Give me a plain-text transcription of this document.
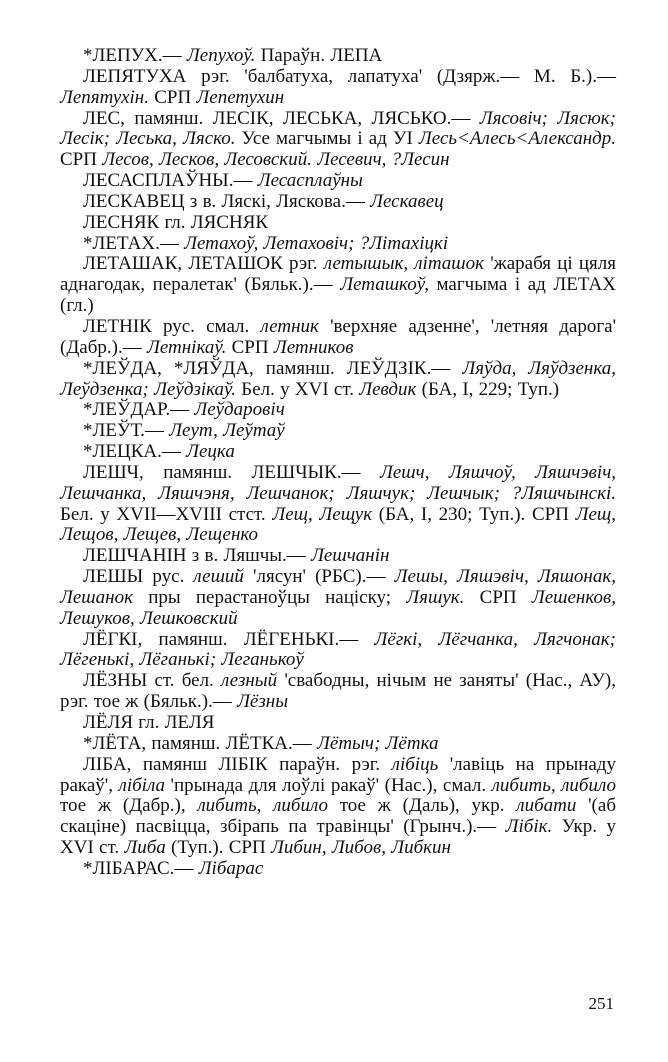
*ЛЕПУХ.— Лепухоў. Параўн. ЛЕПА

ЛЕПЯТУХА рэг. 'балбатуха, лапатуха' (Дзярж.— М. Б.).— Лепятухін. СРП Лепетухин

ЛЕС, памянш. ЛЕСІК, ЛЕСЬКА, ЛЯСЬКО.— Лясовіч; Лясюк; Лесік; Леська, Ляско. Усе магчымы і ад УІ Лесь<Алесь<Александр. СРП Лесов, Лесков, Лесовский. Лесевич, ?Лесин

ЛЕСАСПЛАЎНЫ.— Лесасплаўны

ЛЕСКАВЕЦ з в. Ляскі, Ляскова.— Лескавец

ЛЕСНЯК гл. ЛЯСНЯК

*ЛЕТАХ.— Летахоў, Летаховіч; ?Літахіцкі

ЛЕТАШАК, ЛЕТАШОК рэг. летышык, літашок 'жарабя ці цяля аднагодак, пералетак' (Бяльк.).— Леташкоў, магчыма і ад ЛЕТАХ (гл.)

ЛЕТНІК рус. смал. летник 'верхняе адзенне', 'летняя дарога' (Дабр.).— Летнікаў. СРП Летников

*ЛЕЎДА, *ЛЯЎДА, памянш. ЛЕЎДЗІК.— Ляўда, Ляўдзенка, Леўдзенка; Леўдзікаў. Бел. у XVI ст. Левдик (БА, I, 229; Туп.)

*ЛЕЎДАР.— Леўдаровіч

*ЛЕЎТ.— Леут, Леўтаў

*ЛЕЦКА.— Лецка

ЛЕШЧ, памянш. ЛЕШЧЫК.— Лешч, Ляшчоў, Ляшчэвіч, Лешчанка, Ляшчэня, Лешчанок; Ляшчук; Лешчык; ?Ляшчынскі. Бел. у XVII—XVIII стст. Лещ, Лещук (БА, I, 230; Туп.). СРП Лещ, Лещов, Лещев, Лещенко

ЛЕШЧАНІН з в. Ляшчы.— Лешчанін

ЛЕШЫ рус. леший 'лясун' (РБС).— Лешы, Ляшэвіч, Ляшонак, Лешанок пры перастаноўцы націску; Ляшук. СРП Лешенков, Лешуков, Лешковский

ЛЁГКІ, памянш. ЛЁГЕНЬКІ.— Лёгкі, Лёгчанка, Лягчонак; Лёгенькі, Лёганькі; Леганькоў

ЛЁЗНЫ ст. бел. лезный 'свабодны, нічым не заняты' (Нас., АУ), рэг. тое ж (Бяльк.).— Лёзны

ЛЁЛЯ гл. ЛЕЛЯ

*ЛЁТА, памянш. ЛЁТКА.— Лётыч; Лётка

ЛІБА, памянш ЛІБІК параўн. рэг. лібіць 'лавіць на прынаду ракаў', лібіла 'прынада для лоўлі ракаў' (Нас.), смал. либить, либило тое ж (Дабр.), либить, либило тое ж (Даль), укр. либати '(аб скацінe) пасвіцца, збірапь па травінцы' (Грынч.).— Лібік. Укр. у XVI ст. Либа (Туп.). СРП Либин, Либов, Либкин

*ЛІБАРАС.— Лібарас

251
